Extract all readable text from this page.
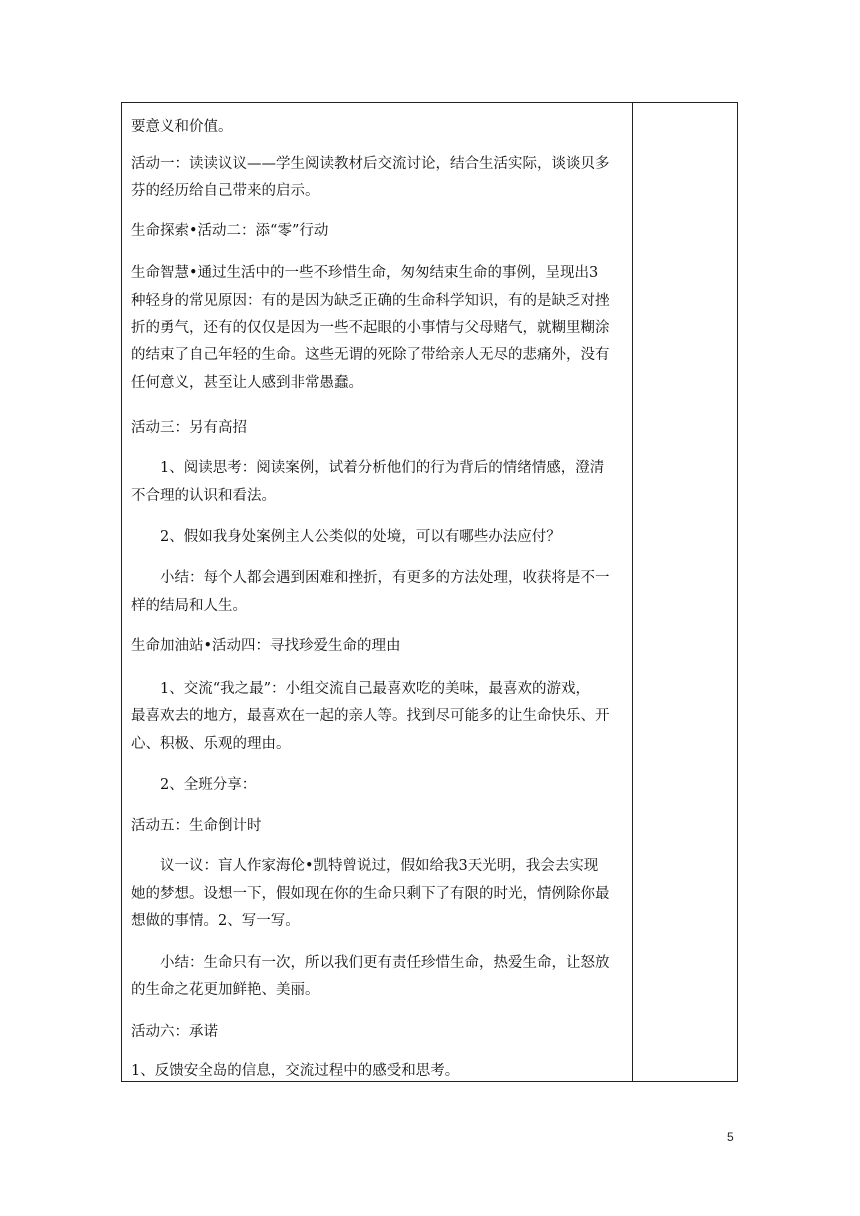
要意义和价值。

活动一：读读议议——学生阅读教材后交流讨论，结合生活实际，谈谈贝多

芬的经历给自己带来的启示。

生命探索•活动二：添“零”行动

生命智慧•通过生活中的一些不珍惜生命，匆匆结束生命的事例，呈现出3

种轻身的常见原因：有的是因为缺乏正确的生命科学知识，有的是缺乏对挫

折的勇气，还有的仅仅是因为一些不起眼的小事情与父母赌气，就糊里糊涂

的结束了自己年轻的生命。这些无谓的死除了带给亲人无尽的悲痛外，没有

任何意义，甚至让人感到非常愚蠢。

活动三：另有高招

1、阅读思考：阅读案例，试着分析他们的行为背后的情绪情感，澄清

不合理的认识和看法。

2、假如我身处案例主人公类似的处境，可以有哪些办法应付？

小结：每个人都会遇到困难和挫折，有更多的方法处理，收获将是不一

样的结局和人生。

生命加油站•活动四：寻找珍爱生命的理由

1、交流“我之最”：小组交流自己最喜欢吃的美味，最喜欢的游戏，

最喜欢去的地方，最喜欢在一起的亲人等。找到尽可能多的让生命快乐、开

心、积极、乐观的理由。

2、全班分享：

活动五：生命倒计时

议一议：盲人作家海伦•凯特曾说过，假如给我3天光明，我会去实现

她的梦想。设想一下，假如现在你的生命只剩下了有限的时光，情例除你最

想做的事情。2、写一写。

小结：生命只有一次，所以我们更有责任珍惜生命，热爱生命，让怒放

的生命之花更加鲜艳、美丽。

活动六：承诺

1、反馈安全岛的信息，交流过程中的感受和思考。

5
